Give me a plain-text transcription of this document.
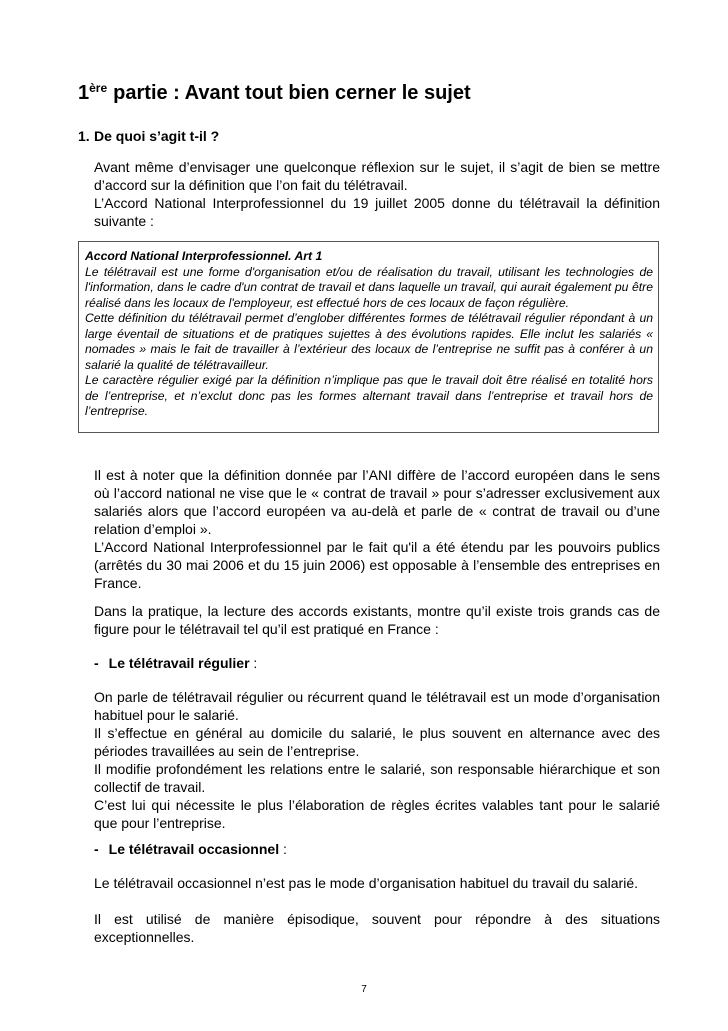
1ère partie : Avant tout bien cerner le sujet
1. De quoi s’agit t-il ?

Avant même d’envisager une quelconque réflexion sur le sujet, il s’agit de bien se mettre d’accord sur la définition que l’on fait du télétravail.

L’Accord National Interprofessionnel du 19 juillet 2005 donne du télétravail la définition suivante :

Accord National Interprofessionnel. Art 1

Le télétravail est une forme d'organisation et/ou de réalisation du travail, utilisant les technologies de l'information, dans le cadre d'un contrat de travail et dans laquelle un travail, qui aurait également pu être réalisé dans les locaux de l'employeur, est effectué hors de ces locaux de façon régulière.

Cette définition du télétravail permet d’englober différentes formes de télétravail régulier répondant à un large éventail de situations et de pratiques sujettes à des évolutions rapides. Elle inclut les salariés « nomades » mais le fait de travailler à l’extérieur des locaux de l’entreprise ne suffit pas à conférer à un salarié la qualité de télétravailleur.

Le caractère régulier exigé par la définition n’implique pas que le travail doit être réalisé en totalité hors de l’entreprise, et n’exclut donc pas les formes alternant travail dans l’entreprise et travail hors de l’entreprise.

Il est à noter que la définition donnée par l’ANI diffère de l’accord européen dans le sens où l’accord national ne vise que le « contrat de travail » pour s’adresser exclusivement aux salariés alors que l’accord européen va au-delà et parle de « contrat de travail ou d’une relation d’emploi ».

L’Accord National Interprofessionnel par le fait qu'il a été étendu par les pouvoirs publics (arrêtés du 30 mai 2006 et du 15 juin 2006) est opposable à l’ensemble des entreprises en France.

Dans la pratique, la lecture des accords existants, montre qu’il existe trois grands cas de figure pour le télétravail tel qu’il est pratiqué en France :

- Le télétravail régulier :

On parle de télétravail régulier ou récurrent quand le télétravail est un mode d’organisation habituel pour le salarié.

Il s’effectue en général au domicile du salarié, le plus souvent en alternance avec des périodes travaillées au sein de l’entreprise.

Il modifie profondément les relations entre le salarié, son responsable hiérarchique et son collectif de travail.

C’est lui qui nécessite le plus l’élaboration de règles écrites valables tant pour le salarié que pour l’entreprise.

- Le télétravail occasionnel :

Le télétravail occasionnel n’est pas le mode d’organisation habituel du travail du salarié.

Il est utilisé de manière épisodique, souvent pour répondre à des situations exceptionnelles.

7
